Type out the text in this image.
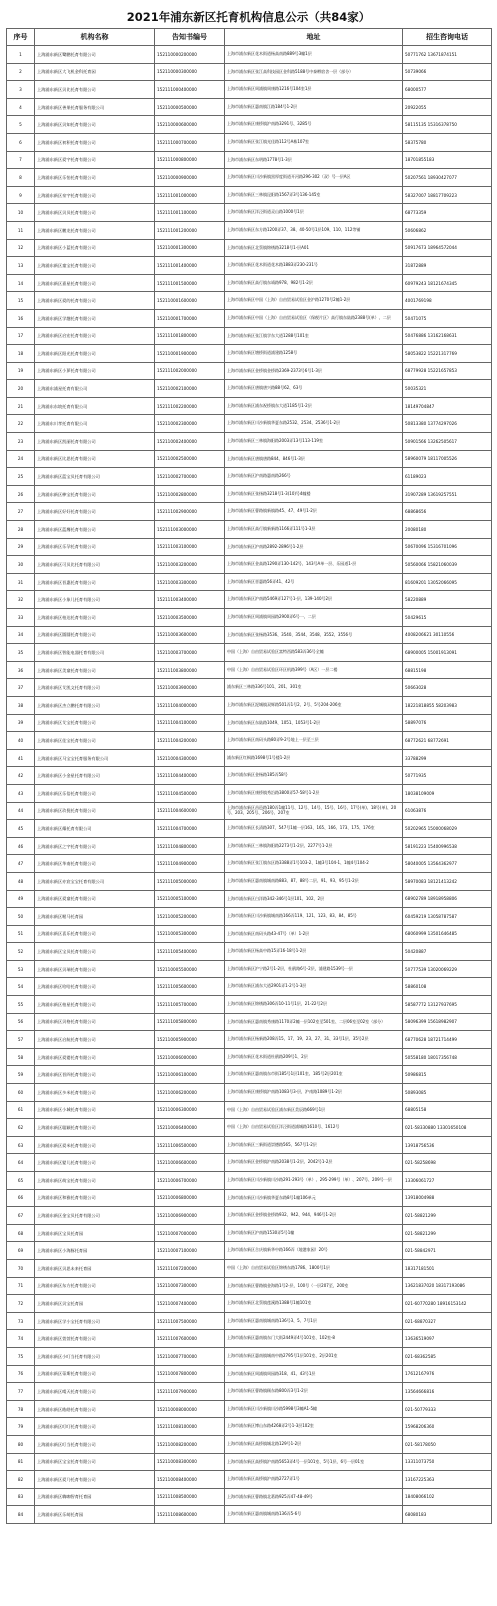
2021年浦东新区托育机构信息公示（共84家）
序号	机构名称	告知书编号	地址	招生咨询电话
1	上海浦东新区鹭鹏托育有限公司	152110000200000	上海市浦东新区花木街道杨高南路889号3幢1层	50771762 13671874151
2	上海浦东新区大飞机金科托育园	152110000300000	上海市浦东新区张江高科技园区金科路5188号中泰孵宿舍一层（部分）	50739066
3	上海浦东新区贝比托育有限公司	152111000400000	上海市浦东新区周浦镇周康路1216号104室1层	68000577
4	上海浦东新区善果托育服务有限公司	152110000500000	上海市浦东新区惠南镇江路184号1-2层	20922055
5	上海浦东新区贝知托育有限公司	152110000600000	上海市浦东新区康桥镇沪南路3291号、3285号	58115135 15316378750
6	上海浦东新区初积托育有限公司	152111000700000	上海市浦东新区张江镇光佳路112号A栋107室	58375780
7	上海浦东新区爱宇托育有限公司	152111000800000	上海市浦东新区东明路1778号1-3层	18701855183
8	上海浦东新区乐怡托育有限公司	152110000900000	上海市浦东新区川沙新镇黑厚度街道开河路296-302（双）号一层A区	50207561 18930427077
9	上海浦东新区泉宇托育有限公司	152111001000000	上海市浦东新区三林镇昆阳路1567弄3号136-145室	58327007 18817709223
10	上海浦东新区贝贝托育有限公司	152111001100000	上海市浦东新区洋泾街道灵山路1000号1层	68773359
11	上海浦东新区鹏龙托育有限公司	152111001200000	上海市浦东新区东方路1200弄37、38、40-50号1层109、110、112等铺	50606862
12	上海浦东新区小蓝托育有限公司	152110001300000	上海市浦东新区北蔡镇锦绣路3218号1-层A01	50917673 18964572044
13	上海浦东新区童宝托育有限公司	152111001400000	上海市浦东新区花木街道花木路1883弄230-231号	31872889
14	上海浦东新区嘉星托育有限公司	152111001500000	上海市浦东新区高行镇东靖路978、982号1-2层	60979243 18121674345
15	上海浦东新区爱的托育有限公司	152110001600000	上海市浦东新区中国（上海）自由贸易试验区金沪路1270号2幢1-2层	4001769198
16	上海浦东新区学趣托育有限公司	152110001700000	上海市浦东新区中国（上海）自由贸易试验区（保税片区）高行镇东陆路2388号(单）、二层	50471075
17	上海浦东新区启宏托育有限公司	152111001800000	上海市浦东新区张江镇学东大道1288号101室	50476886 13162168631
18	上海浦东新区阳光托育有限公司	152110001900000	上海市浦东新区塘桥街道浦建路1258号	58053822 15221317769
19	上海浦东新区小萝托育有限公司	152111002000000	上海市浦东新区金桥镇金桥路2369-2373号6号1-3层	68779928 15221657853
20	上海浦东浦星托育有限公司	152110002100000	上海市浦东新区唐镇唐兴路88号62、63号	50035321
21	上海浦东东坡托育有限公司	152111002200000	上海市浦东新区浦东祝桥镇东大道1185号1-2层	18149704847
22	上海浦东川孝托育有限公司	152110002300000	上海市浦东新区川沙新镇华夏东路2532、2534、2536号1-2层	50813380 13774297026
23	上海浦东新区凯丽托育有限公司	152110002400000	上海市浦东新区三林镇海阳路2003弄13号113-119室	50901566 13262505617
24	上海浦东新区比思托育有限公司	152110002500000	上海市浦东新区唐镇唐路844、846号1-3层	58960079 18117005526
25	上海浦东新区蓝宝贝托育有限公司	152110002700000	上海市浦东新区沪南路惠南路266号	61189023
26	上海浦东新区棒宝托育有限公司	152110002800000	上海市浦东新区张扬路3218号1-3(10)号4幢楼	31907289 13619257551
27	上海浦东新区好好托育有限公司	152111002900000	上海市浦东新区曹路镇新镇路45、47、49号1-2层	68868656
28	上海浦东新区蓝鹰托育有限公司	152111003000000	上海市浦东新区高行镇新新路1166弄111号1-3层	20080180
29	上海浦东新区乐孕托育有限公司	152111003100000	上海市浦东新区沪南路2892-2896号1-2层	50670096 15316701096
30	上海浦东新区可贝比托育有限公司	152110003200000	上海市浦东新区金高路1290弄130-142号、143号A单一层、乐园道1-层	50560066 15821060039
31	上海浦东新区晋惠托育有限公司	152110003300000	上海市浦东新区晋惠路56弄41、42号	81609201 13052066095
32	上海浦东新区小象儿托育有限公司	152111003400000	上海市浦东新区沪南路5469弄127号1-层、139-140号2层	58220889
33	上海浦东新区柏达托育有限公司	152110003500000	上海市浦东新区周浦镇周园路2900弄6号一、二层	50429615
34	上海浦东新区圆圆托育有限公司	152110003600000	上海市浦东新区张杨路3536、3540、3544、3548、3552、3556号	4008206621 30110556
35	上海浦东新区智能电器托育有限公司	152110003700000	中国（上海）自由贸易试验区富特西路583弄36号全幢	68900005 15001913091
36	上海浦东新区美童托育有限公司	152111003800000	中国（上海）自由贸易试验区环区机路399号（A区）一层二楼	68815198
37	上海浦东新区艾凯文托育有限公司	152110003900000	浦东新区三林路336号101、201、301室	50663028
38	上海浦东新区杰立鹏托育有限公司	152111004000000	上海市浦东新区泥城镇双辉路501弄1号2、2号、5号204-206室	18221818855 58203983
39	上海浦东新区艾宝托育有限公司	152111004100000	上海市浦东新区东陆路1049、1051、1053号1-2层	58897076
40	上海浦东新区佳宝托育有限公司	152111004200000	上海市浦东新区南码头路80弄9-2号地上一层至三层	68772621 68772691
41	上海浦东新区马宝宝托育服务有限公司	152110004300000	浦东新区红枫路1698号1号楼1-2层	33788299
42	上海浦东新区小金星托育有限公司	152111004400000	上海市浦东新区金杨路185弄58号	50771935
43	上海浦东新区乐倍托育有限公司	152111004500000	上海市浦东新区康桥镇秀沿路3800弄57-58号1-2层	18038109009
44	上海浦东新区玖倪托育有限公司	152111004600000	上海市浦东新区昌邑路180弄1幢11号、12号、14号、15号、16号、17号(单)、18号(单)、20号、203、205号、206号、207室	61063876
45	上海浦东新区耀托育有限公司	152111004700000	上海市浦东新区长清路307、547号1幢一层163、165、166、173、175、176室	50202965 15000068029
46	上海浦东新区之宇托育有限公司	152111004800000	上海市浦东新区三林镇海阳路2273号1-2层、2277号1-2层	58191223 15400996538
47	上海浦东新区华南托育有限公司	152111004900000	上海市浦东新区张江镇东区路3388弄1号103-2、1幢3号104-1、1幢4号104-2	58040005 13564362977
48	上海浦东新区亦宸宝宝托育有限公司	152111005000000	上海市浦东新区惠南镇城南路883、87、88号二层、91、93、95号1-2层	58970083 18121413242
49	上海浦东新区爱童托育有限公司	152110005100000	上海市浦东新区白洋路342-346号1层101、102、2层	68902789 18918958806
50	上海浦东新区喔马托育园	152110005200000	上海市浦东新区川沙新镇城南路166弄119、121、123、83、84、85号	60459219 13058787587
51	上海浦东新区喜乐托育有限公司	152110005300000	上海市浦东新区南码头路43-47号（单）1-2层	68060999 13501646485
52	上海浦东新区宝贝托育有限公司	152111005400000	上海市浦东新区杨高中路15弄16-18号1-2层	50420887
53	上海浦东新区贝瑞托育有限公司	152110005500000	上海市浦东新区沪宁路2号1-2层，杜鹃路6号-2层，浦建路1539号一层	50777539 13020069229
54	上海浦东新区哈哈托育有限公司	152111005600000	上海市浦东新区浦东大道2901弄1-2号1-3层	58860108
55	上海浦东新区柏星托育有限公司	152111005700000	上海市浦东新区锦绣路306弄10-11号1层、21-22号2层	58587772 13127937695
56	上海浦东新区贝格托育有限公司	152111005800000	上海市浦东新区惠南镇秀康路1170弄2幢一层102室至501室、二层06室至02室（部分）	58096399 15618982907
57	上海浦东新区启航托育有限公司	152110005900000	上海市浦东新区杨新路208弄15、17、19、23、27、31、33号1层、35号2层	68770628 18721714499
58	上海浦东新区爱婴托育有限公司	152110006000000	上海市浦东新区花木街道杜鹃路209号1、2层	50558180 18017356748
59	上海浦东新区晋四托育有限公司	152110006100000	上海市浦东新区惠南镇东市街185号1层101室、185号2层201室	50986815
60	上海浦东新区多米托育有限公司	152110006200000	上海市浦东新区康桥镇沪南路1083号3-层，沪南路1089号1-2层	50893085
61	上海浦东新区小城托育有限公司	152110006300000	中国（上海）自由贸易试验区浦东新区美辰路669号1层	68805158
62	上海浦东新区聪颖托育有限公司	152110006400000	中国（上海）自由贸易试验区洋泾街道浦城路1610号、1612号	021-58330880 13301650108
63	上海浦东新区爱米托育有限公司	152111006500000	上海市浦东新区三新街道崇德路565、567号1-2层	13918756536
64	上海浦东新区婴儿托育有限公司	152110006600000	上海市浦东新区金桥镇沪南路2038号1-2层、2042号1-2层	021-58258698
65	上海浦东新区萌宝托育有限公司	152110006700000	上海市浦东新区川沙新镇川沙路291-293号（单）、295-299号（单）、207号、209号一层	13306061727
66	上海浦东新区和雅托育有限公司	152110006800000	上海市浦东新区川沙新镇华夏东路8号1幢106单元	13918004988
67	上海浦东新区金宝贝托育有限公司	152110006900000	上海市浦东新区金桥镇金桥路932、942、944、946号1-2层	021-58821299
68	上海浦东新区宝贝托育园	152110007000000	上海市浦东新区沪南路1530弄5号1幢	021-58821299
69	上海浦东新区小海豚托育园	152110007100000	上海市浦东新区合庆镇新华中路166弄（地港家园）20号	021-58842971
70	上海浦东新区贝思未来托育园	152111007200000	中国（上海）自由贸易试验区锦绣东路1786、1800号1层	18317181501
71	上海浦东新区东方托育有限公司	152110007300000	上海市浦东新区曹路镇金海路1号2-层，100号（一层207至，200室	13621837020 18317193086
72	上海浦东新区贝宝托育园	152110007400000	上海市浦东新区北蔡镇莲溪路1388号1幢101室	021-60770280 18916153142
73	上海浦东新区学小宝托育有限公司	152111007500000	上海市浦东新区惠南镇城南路136号3、5、7号1层	021-68870327
74	上海浦东新区萱萱托育有限公司	152111007600000	上海市浦东新区惠南镇东门大街2449弄4号101室、102室-8	13636519097
75	上海浦东新区小叮当托育有限公司	152110007700000	上海市浦东新区惠南镇城南中路2795号1层101室、2层201室	021-68362585
76	上海浦东新区蒂斯托育有限公司	152110007800000	上海市浦东新区周浦镇周园路318、41、43号1层	17612167976
77	上海浦东新区晴天托育有限公司	152111007900000	上海市浦东新区曹路镇顾东路800弄3号1-2层	13564666816
78	上海浦东新区皓皓托育有限公司	152110008000000	上海市浦东新区川沙新镇川沙路5998号3幢A1-5幢	021-50779333
79	上海浦东新区叮叮托育有限公司	152111008100000	上海市浦东新区博山东路4268弄2号1-3层102室	15968206360
80	上海浦东新区叮当托育有限公司	152110008200000	上海市浦东新区高桥镇城北路129号1-2层	021-58178050
81	上海浦东新区宝宝托育有限公司	152110008300000	上海市浦东新区高桥镇沪南路5653弄4号一层101室、5号1层、6号一层01室	13311073750
82	上海浦东新区爱乃托育有限公司	152110008400000	上海市浦东新区高桥镇沪南路2727弄1号	13167225363
83	上海浦东新区嗨咖智育托育园	152111008500000	上海市浦东新区曹路镇北葛路925弄47-48-49号	18408066102
84	上海浦东新区乐萌托育园	152111008600000	上海市浦东新区惠南镇城南路136弄5-6号	68080183
